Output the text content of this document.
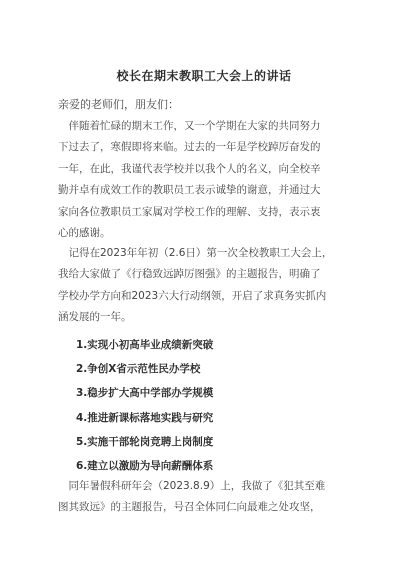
校长在期末教职工大会上的讲话
亲爱的老师们，朋友们：
　伴随着忙碌的期末工作，又一个学期在大家的共同努力
下过去了，寒假即将来临。过去的一年是学校踔厉奋发的
一年，在此，我谨代表学校并以我个人的名义，向全校辛
勤并卓有成效工作的教职员工表示诚挚的谢意，并通过大
家向各位教职员工家属对学校工作的理解、支持，表示衷
心的感谢。
　记得在2023年年初（2.6日）第一次全校教职工大会上，
我给大家做了《行稳致远踔厉图强》的主题报告，明确了
学校办学方向和2023六大行动纲领，开启了求真务实抓内
涵发展的一年。
1.实现小初高毕业成绩新突破
2.争创X省示范性民办学校
3.稳步扩大高中学部办学规模
4.推进新课标落地实践与研究
5.实施干部轮岗竞聘上岗制度
6.建立以激励为导向薪酬体系
　同年暑假科研年会（2023.8.9）上，我做了《犯其至难
图其致远》的主题报告，号召全体同仁向最难之处攻坚，
